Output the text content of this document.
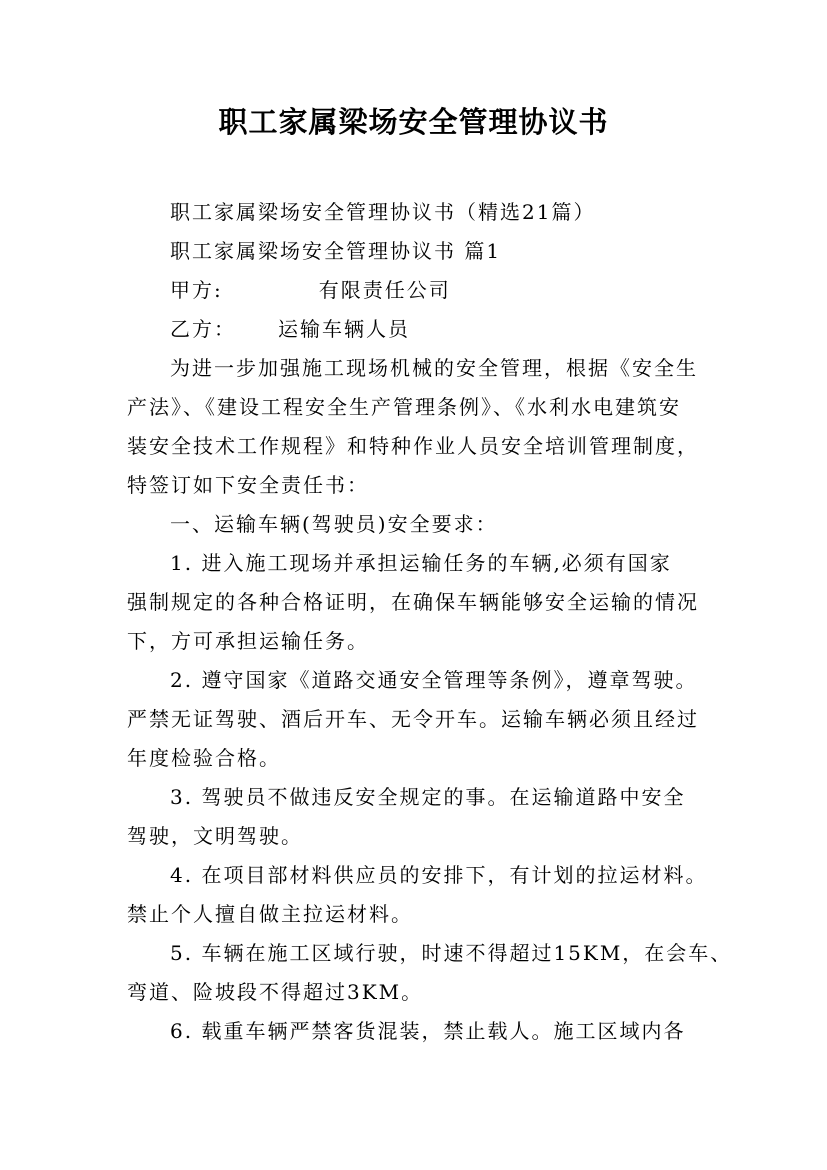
职工家属梁场安全管理协议书
职工家属梁场安全管理协议书（精选21篇）
职工家属梁场安全管理协议书 篇1
甲方:	有限责任公司
乙方： 运输车辆人员
为进一步加强施工现场机械的安全管理，根据《安全生
产法》、《建设工程安全生产管理条例》、《水利水电建筑安
装安全技术工作规程》和特种作业人员安全培训管理制度，
特签订如下安全责任书：
一、运输车辆(驾驶员)安全要求：
1. 进入施工现场并承担运输任务的车辆,必须有国家
强制规定的各种合格证明，在确保车辆能够安全运输的情况
下，方可承担运输任务。
2. 遵守国家《道路交通安全管理等条例》，遵章驾驶。
严禁无证驾驶、酒后开车、无令开车。运输车辆必须且经过
年度检验合格。
3. 驾驶员不做违反安全规定的事。在运输道路中安全
驾驶，文明驾驶。
4. 在项目部材料供应员的安排下，有计划的拉运材料。
禁止个人擅自做主拉运材料。
5. 车辆在施工区域行驶，时速不得超过15KM，在会车、
弯道、险坡段不得超过3KM。
6. 载重车辆严禁客货混装，禁止载人。施工区域内各
